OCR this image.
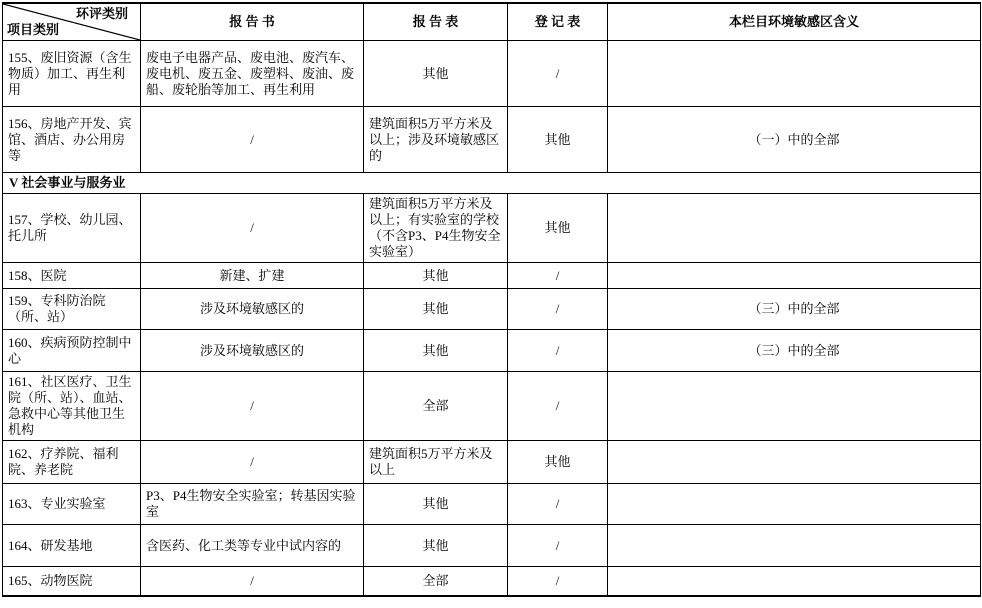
环评类别
项目类别	报 告 书	报 告 表	登 记 表	本栏目环境敏感区含义
155、废旧资源（含生物质）加工、再生利用	废电子电器产品、废电池、废汽车、废电机、废五金、废塑料、废油、废船、废轮胎等加工、再生利用	其他	/	
156、房地产开发、宾馆、酒店、办公用房等	/	建筑面积5万平方米及以上；涉及环境敏感区的	其他	（一）中的全部
V 社会事业与服务业				
157、学校、幼儿园、托儿所	/	建筑面积5万平方米及以上；有实验室的学校（不含P3、P4生物安全实验室）	其他	
158、医院	新建、扩建	其他	/	
159、专科防治院（所、站）	涉及环境敏感区的	其他	/	（三）中的全部
160、疾病预防控制中心	涉及环境敏感区的	其他	/	（三）中的全部
161、社区医疗、卫生院（所、站）、血站、急救中心等其他卫生机构	/	全部	/	
162、疗养院、福利院、养老院	/	建筑面积5万平方米及以上	其他	
163、专业实验室	P3、P4生物安全实验室；转基因实验室	其他	/	
164、研发基地	含医药、化工类等专业中试内容的	其他	/	
165、动物医院	/	全部	/	
